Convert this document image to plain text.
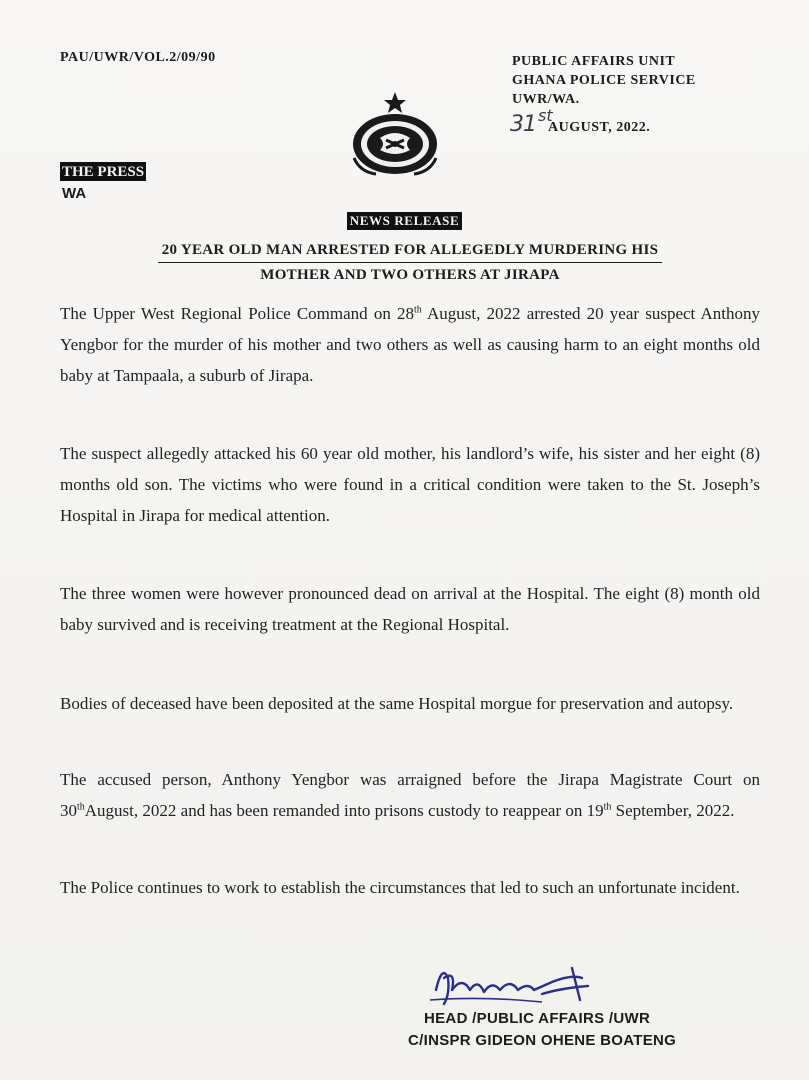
PAU/UWR/VOL.2/09/90	PUBLIC AFFAIRS UNIT
GHANA POLICE SERVICE
UWR/WA.
31 st
AUGUST, 2022.
THE PRESS
WA
NEWS RELEASE
20 YEAR OLD MAN ARRESTED FOR ALLEGEDLY MURDERING HIS
MOTHER AND TWO OTHERS AT JIRAPA
The Upper West Regional Police Command on 28th August, 2022 arrested 20 year suspect Anthony Yengbor for the murder of his mother and two others as well as causing harm to an eight months old baby at Tampaala, a suburb of Jirapa.
The suspect allegedly attacked his 60 year old mother, his landlord’s wife, his sister and her eight (8) months old son. The victims who were found in a critical condition were taken to the St. Joseph’s Hospital in Jirapa for medical attention.
The three women were however pronounced dead on arrival at the Hospital. The eight (8) month old baby survived and is receiving treatment at the Regional Hospital.
Bodies of deceased have been deposited at the same Hospital morgue for preservation and autopsy.
The accused person, Anthony Yengbor was arraigned before the Jirapa Magistrate Court on 30thAugust, 2022 and has been remanded into prisons custody to reappear on 19th September, 2022.
The Police continues to work to establish the circumstances that led to such an unfortunate incident.
HEAD /PUBLIC AFFAIRS /UWR
C/INSPR GIDEON OHENE BOATENG
